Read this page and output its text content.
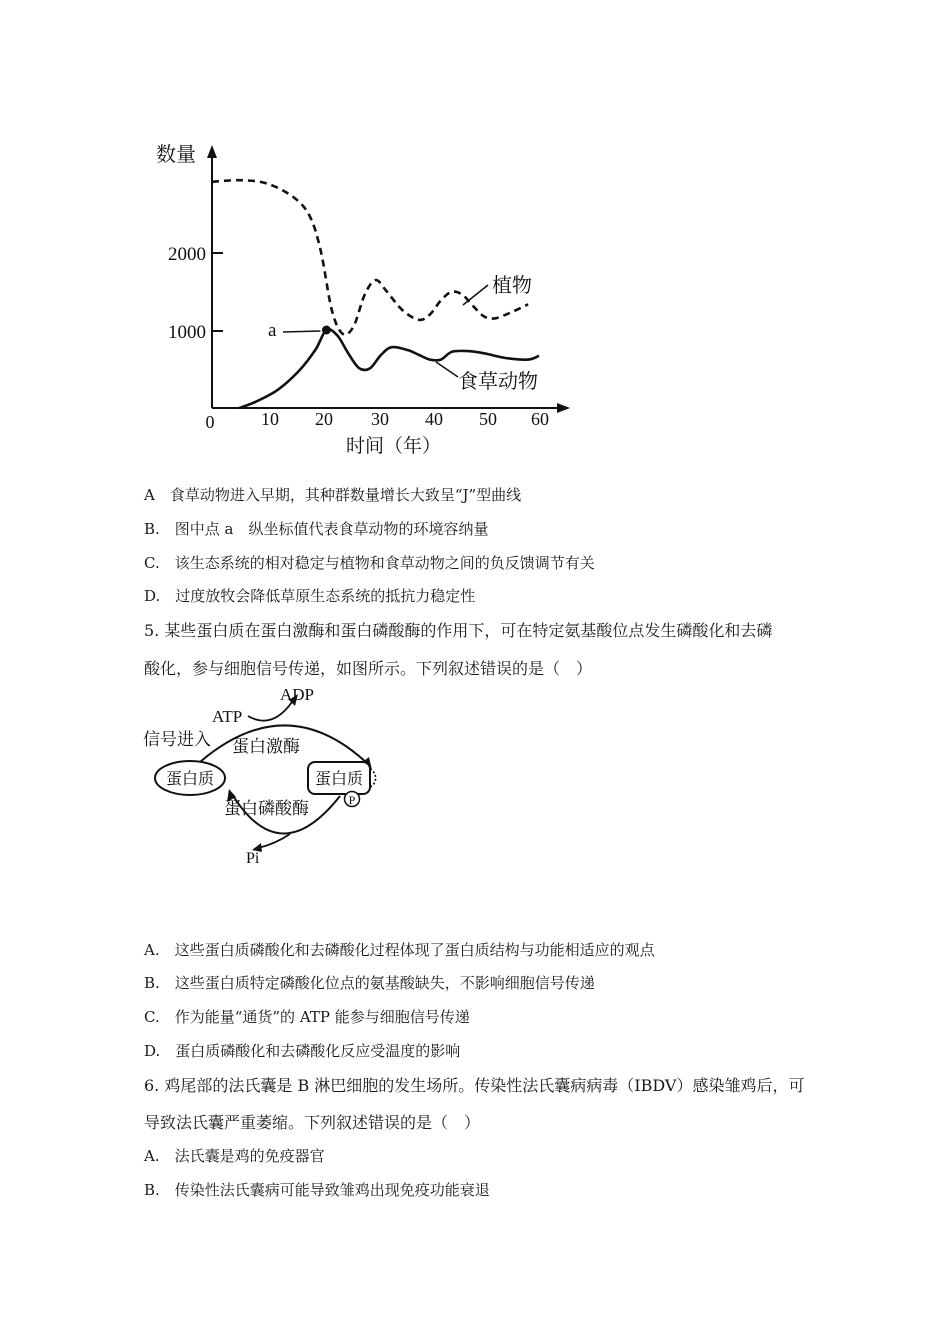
数量
时间（年）
2000
1000
0	10 20 30 40 50 60
a
植物
食草动物
A　食草动物进入早期，其种群数量增长大致呈“J”型曲线
B.　图中点 a　纵坐标值代表食草动物的环境容纳量
C.　该生态系统的相对稳定与植物和食草动物之间的负反馈调节有关
D.　过度放牧会降低草原生态系统的抵抗力稳定性
5. 某些蛋白质在蛋白激酶和蛋白磷酸酶的作用下，可在特定氨基酸位点发生磷酸化和去磷
酸化，参与细胞信号传递，如图所示。下列叙述错误的是（　）
ADP
ATP
信号进入 蛋白激酶
蛋白质	蛋白质
P
蛋白磷酸酶
Pi
A.　这些蛋白质磷酸化和去磷酸化过程体现了蛋白质结构与功能相适应的观点
B.　这些蛋白质特定磷酸化位点的氨基酸缺失，不影响细胞信号传递
C.　作为能量“通货”的 ATP 能参与细胞信号传递
D.　蛋白质磷酸化和去磷酸化反应受温度的影响
6. 鸡尾部的法氏囊是 B 淋巴细胞的发生场所。传染性法氏囊病病毒（IBDV）感染雏鸡后，可
导致法氏囊严重萎缩。下列叙述错误的是（　）
A.　法氏囊是鸡的免疫器官
B.　传染性法氏囊病可能导致雏鸡出现免疫功能衰退
